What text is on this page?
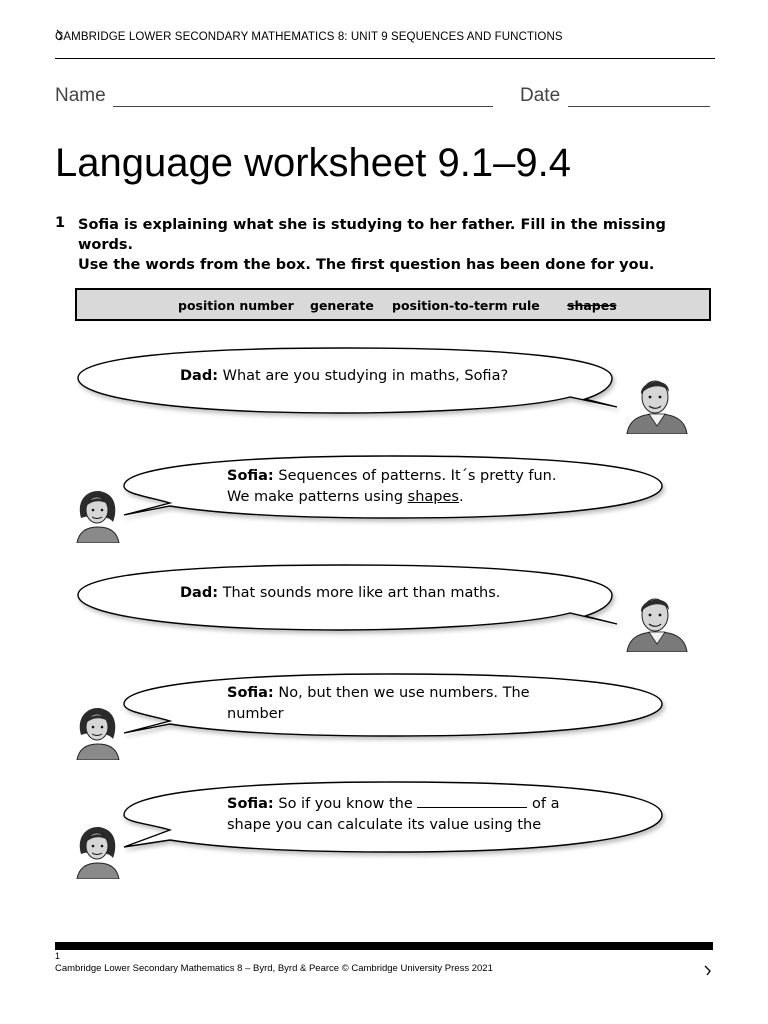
CAMBRIDGE LOWER SECONDARY MATHEMATICS 8: UNIT 9 SEQUENCES AND FUNCTIONS
Name	Date
Language worksheet 9.1–9.4
1 Sofia is explaining what she is studying to her father. Fill in the missing words.
Use the words from the box. The first question has been done for you.
position number generate position-to-term rule shapes
Dad: What are you studying in maths, Sofia?
Sofia: Sequences of patterns. It´s pretty fun.
We make patterns using shapes.
Dad: That sounds more like art than maths.
Sofia: No, but then we use numbers. The
number
Sofia: So if you know the	of a
shape you can calculate its value using the
1
Cambridge Lower Secondary Mathematics 8 – Byrd, Byrd & Pearce © Cambridge University Press 2021
